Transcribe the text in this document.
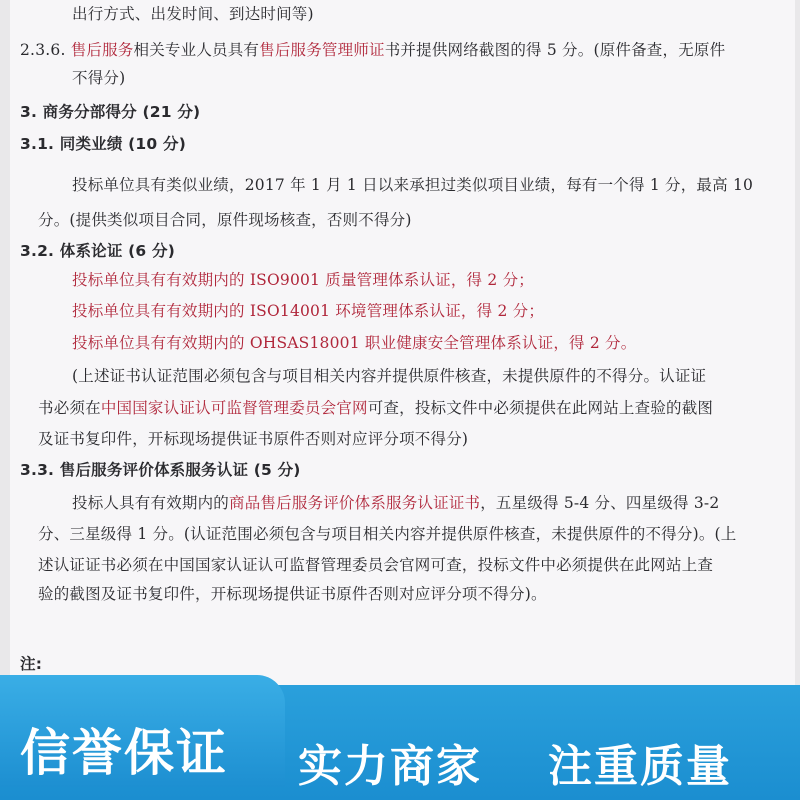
出行方式、出发时间、到达时间等)
2.3.6. 售后服务相关专业人员具有售后服务管理师证书并提供网络截图的得 5 分。(原件备查，无原件
不得分)
3. 商务分部得分 (21 分)
3.1. 同类业绩 (10 分)
投标单位具有类似业绩，2017 年 1 月 1 日以来承担过类似项目业绩，每有一个得 1 分，最高 10
分。(提供类似项目合同，原件现场核查，否则不得分)
3.2. 体系论证 (6 分)
投标单位具有有效期内的 ISO9001 质量管理体系认证，得 2 分；
投标单位具有有效期内的 ISO14001 环境管理体系认证，得 2 分；
投标单位具有有效期内的 OHSAS18001 职业健康安全管理体系认证，得 2 分。
(上述证书认证范围必须包含与项目相关内容并提供原件核查，未提供原件的不得分。认证证
书必须在中国国家认证认可监督管理委员会官网可查，投标文件中必须提供在此网站上查验的截图
及证书复印件，开标现场提供证书原件否则对应评分项不得分)
3.3. 售后服务评价体系服务认证 (5 分)
投标人具有有效期内的商品售后服务评价体系服务认证证书，五星级得 5-4 分、四星级得 3-2
分、三星级得 1 分。(认证范围必须包含与项目相关内容并提供原件核查，未提供原件的不得分)。(上
述认证证书必须在中国国家认证认可监督管理委员会官网可查，投标文件中必须提供在此网站上查
验的截图及证书复印件，开标现场提供证书原件否则对应评分项不得分)。
注:
信誉保证 实力商家 注重质量
